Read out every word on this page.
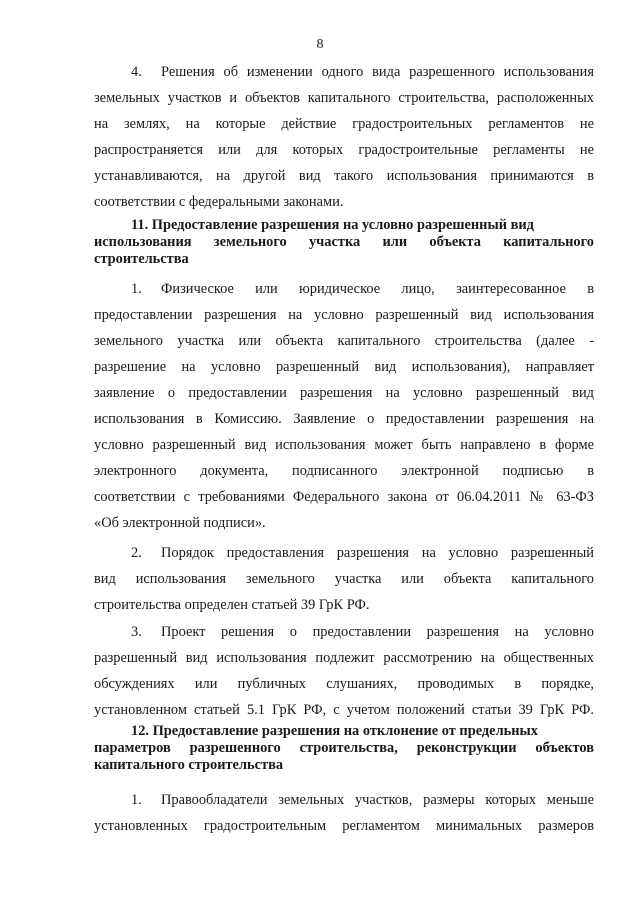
8
4. Решения об изменении одного вида разрешенного использования
земельных участков и объектов капитального строительства, расположенных
на землях, на которые действие градостроительных регламентов не
распространяется или для которых градостроительные регламенты не
устанавливаются, на другой вид такого использования принимаются в
соответствии с федеральными законами.
11. Предоставление разрешения на условно разрешенный вид
использования земельного участка или объекта капитального
строительства
1. Физическое или юридическое лицо, заинтересованное в
предоставлении разрешения на условно разрешенный вид использования
земельного участка или объекта капитального строительства (далее -
разрешение на условно разрешенный вид использования), направляет
заявление о предоставлении разрешения на условно разрешенный вид
использования в Комиссию. Заявление о предоставлении разрешения на
условно разрешенный вид использования может быть направлено в форме
электронного документа, подписанного электронной подписью в
соответствии с требованиями Федерального закона от 06.04.2011 № 63-ФЗ
«Об электронной подписи».
2. Порядок предоставления разрешения на условно разрешенный
вид использования земельного участка или объекта капитального
строительства определен статьей 39 ГрК РФ.
3. Проект решения о предоставлении разрешения на условно
разрешенный вид использования подлежит рассмотрению на общественных
обсуждениях или публичных слушаниях, проводимых в порядке,
установленном статьей 5.1 ГрК РФ, с учетом положений статьи 39 ГрК РФ.
12. Предоставление разрешения на отклонение от предельных
параметров разрешенного строительства, реконструкции объектов
капитального строительства
1. Правообладатели земельных участков, размеры которых меньше
установленных градостроительным регламентом минимальных размеров
